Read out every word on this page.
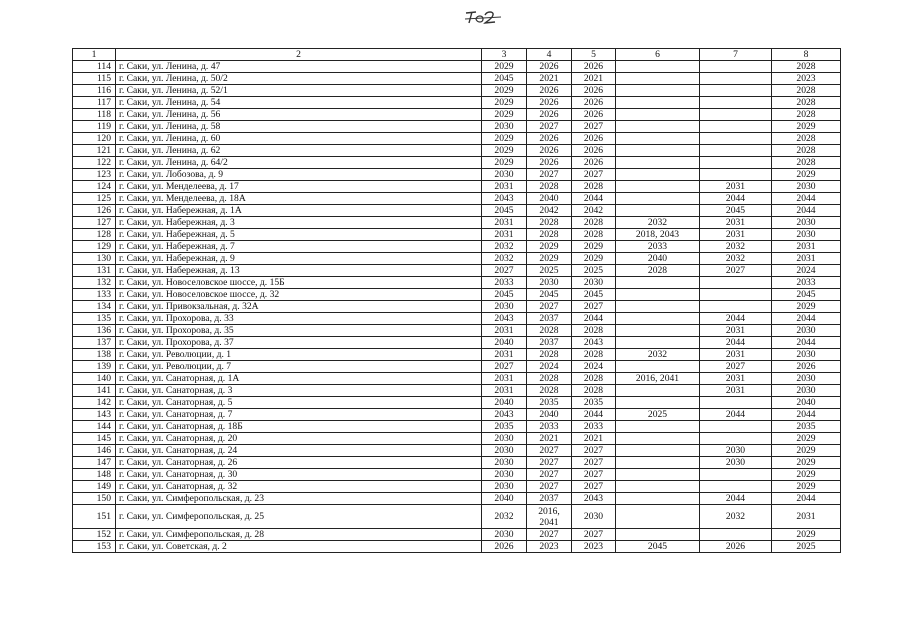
1	2	3	4	5	6	7	8
114	г. Саки, ул. Ленина, д. 47	2029	2026	2026			2028
115	г. Саки, ул. Ленина, д. 50/2	2045	2021	2021			2023
116	г. Саки, ул. Ленина, д. 52/1	2029	2026	2026			2028
117	г. Саки, ул. Ленина, д. 54	2029	2026	2026			2028
118	г. Саки, ул. Ленина, д. 56	2029	2026	2026			2028
119	г. Саки, ул. Ленина, д. 58	2030	2027	2027			2029
120	г. Саки, ул. Ленина, д. 60	2029	2026	2026			2028
121	г. Саки, ул. Ленина, д. 62	2029	2026	2026			2028
122	г. Саки, ул. Ленина, д. 64/2	2029	2026	2026			2028
123	г. Саки, ул. Лобозова, д. 9	2030	2027	2027			2029
124	г. Саки, ул. Менделеева, д. 17	2031	2028	2028		2031	2030
125	г. Саки, ул. Менделеева, д. 18А	2043	2040	2044		2044	2044
126	г. Саки, ул. Набережная, д. 1А	2045	2042	2042		2045	2044
127	г. Саки, ул. Набережная, д. 3	2031	2028	2028	2032	2031	2030
128	г. Саки, ул. Набережная, д. 5	2031	2028	2028	2018, 2043	2031	2030
129	г. Саки, ул. Набережная, д. 7	2032	2029	2029	2033	2032	2031
130	г. Саки, ул. Набережная, д. 9	2032	2029	2029	2040	2032	2031
131	г. Саки, ул. Набережная, д. 13	2027	2025	2025	2028	2027	2024
132	г. Саки, ул. Новоселовское шоссе, д. 15Б	2033	2030	2030			2033
133	г. Саки, ул. Новоселовское шоссе, д. 32	2045	2045	2045			2045
134	г. Саки, ул. Привокзальная, д. 32А	2030	2027	2027			2029
135	г. Саки, ул. Прохорова, д. 33	2043	2037	2044		2044	2044
136	г. Саки, ул. Прохорова, д. 35	2031	2028	2028		2031	2030
137	г. Саки, ул. Прохорова, д. 37	2040	2037	2043		2044	2044
138	г. Саки, ул. Революции, д. 1	2031	2028	2028	2032	2031	2030
139	г. Саки, ул. Революции, д. 7	2027	2024	2024		2027	2026
140	г. Саки, ул. Санаторная, д. 1А	2031	2028	2028	2016, 2041	2031	2030
141	г. Саки, ул. Санаторная, д. 3	2031	2028	2028		2031	2030
142	г. Саки, ул. Санаторная, д. 5	2040	2035	2035			2040
143	г. Саки, ул. Санаторная, д. 7	2043	2040	2044	2025	2044	2044
144	г. Саки, ул. Санаторная, д. 18Б	2035	2033	2033			2035
145	г. Саки, ул. Санаторная, д. 20	2030	2021	2021			2029
146	г. Саки, ул. Санаторная, д. 24	2030	2027	2027		2030	2029
147	г. Саки, ул. Санаторная, д. 26	2030	2027	2027		2030	2029
148	г. Саки, ул. Санаторная, д. 30	2030	2027	2027			2029
149	г. Саки, ул. Санаторная, д. 32	2030	2027	2027			2029
150	г. Саки, ул. Симферопольская, д. 23	2040	2037	2043		2044	2044
151	г. Саки, ул. Симферопольская, д. 25	2032	2016, 2041	2030		2032	2031
152	г. Саки, ул. Симферопольская, д. 28	2030	2027	2027			2029
153	г. Саки, ул. Советская, д. 2	2026	2023	2023	2045	2026	2025
